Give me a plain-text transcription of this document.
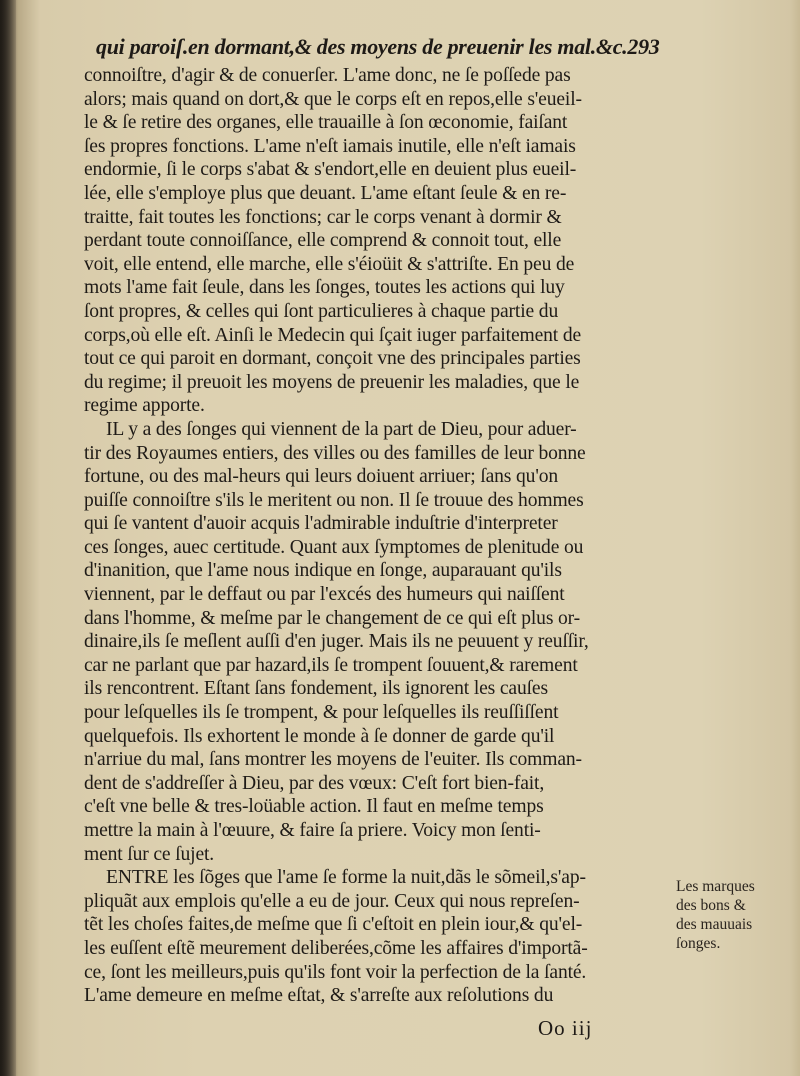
qui paroiſ.en dormant,& des moyens de preuenir les mal.&c.293
connoiſtre, d'agir & de conuerſer. L'ame donc, ne ſe poſſede pas
alors; mais quand on dort,& que le corps eſt en repos,elle s'eueil-
le & ſe retire des organes, elle trauaille à ſon œconomie, faiſant
ſes propres fonctions. L'ame n'eſt iamais inutile, elle n'eſt iamais
endormie, ſi le corps s'abat & s'endort,elle en deuient plus eueil-
lée, elle s'employe plus que deuant. L'ame eſtant ſeule & en re-
traitte, fait toutes les fonctions; car le corps venant à dormir &
perdant toute connoiſſance, elle comprend & connoit tout, elle
voit, elle entend, elle marche, elle s'éioüit & s'attriſte. En peu de
mots l'ame fait ſeule, dans les ſonges, toutes les actions qui luy
ſont propres, & celles qui ſont particulieres à chaque partie du
corps,où elle eſt. Ainſi le Medecin qui ſçait iuger parfaitement de
tout ce qui paroit en dormant, conçoit vne des principales parties
du regime; il preuoit les moyens de preuenir les maladies, que le
regime apporte.
IL y a des ſonges qui viennent de la part de Dieu, pour aduer-
tir des Royaumes entiers, des villes ou des familles de leur bonne
fortune, ou des mal-heurs qui leurs doiuent arriuer; ſans qu'on
puiſſe connoiſtre s'ils le meritent ou non. Il ſe trouue des hommes
qui ſe vantent d'auoir acquis l'admirable induſtrie d'interpreter
ces ſonges, auec certitude. Quant aux ſymptomes de plenitude ou
d'inanition, que l'ame nous indique en ſonge, auparauant qu'ils
viennent, par le deffaut ou par l'excés des humeurs qui naiſſent
dans l'homme, & meſme par le changement de ce qui eſt plus or-
dinaire,ils ſe meſlent auſſi d'en juger. Mais ils ne peuuent y reuſſir,
car ne parlant que par hazard,ils ſe trompent ſouuent,& rarement
ils rencontrent. Eſtant ſans fondement, ils ignorent les cauſes
pour leſquelles ils ſe trompent, & pour leſquelles ils reuſſiſſent
quelquefois. Ils exhortent le monde à ſe donner de garde qu'il
n'arriue du mal, ſans montrer les moyens de l'euiter. Ils comman-
dent de s'addreſſer à Dieu, par des vœux: C'eſt fort bien-fait,
c'eſt vne belle & tres-loüable action. Il faut en meſme temps
mettre la main à l'œuure, & faire ſa priere. Voicy mon ſenti-
ment ſur ce ſujet.
ENTRE les ſõges que l'ame ſe forme la nuit,dãs le sõmeil,s'ap-
pliquãt aux emplois qu'elle a eu de jour. Ceux qui nous repreſen-
tẽt les choſes faites,de meſme que ſi c'eſtoit en plein iour,& qu'el-
les euſſent eſtẽ meurement deliberées,cõme les affaires d'importã-
ce, ſont les meilleurs,puis qu'ils font voir la perfection de la ſanté.
L'ame demeure en meſme eſtat, & s'arreſte aux reſolutions du
Les marques
des bons &
des mauuais
ſonges.
Oo iij
